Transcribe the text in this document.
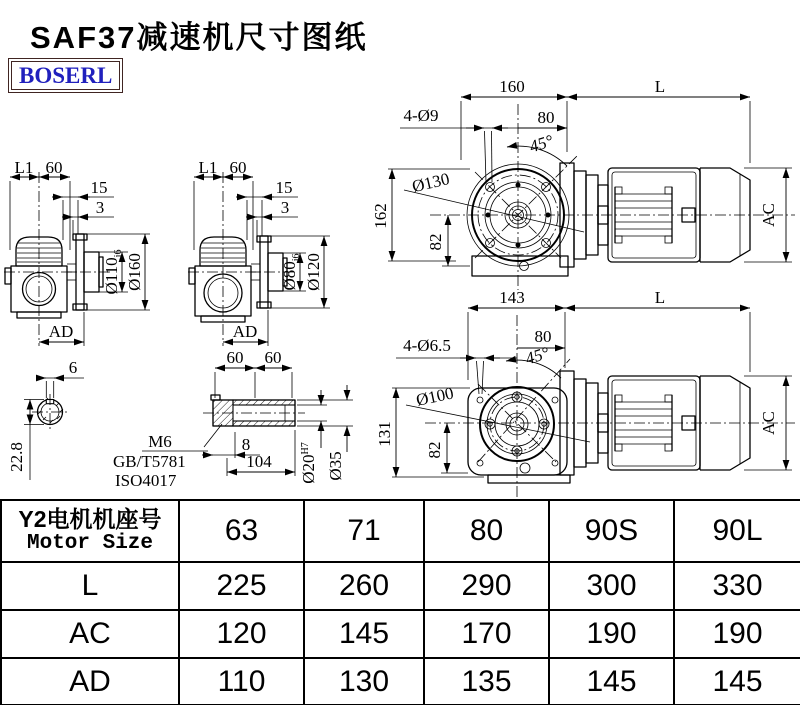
SAF37减速机尺寸图纸
BOSERL
L1 60
15
3
$Ø110_{j6}$ Ø160
AD
L1 60
15
3
$Ø80_{j6}$ Ø120
AD
160	L
4-Ø9	80
45°
Ø130
162
82
AC
143	L
80
4-Ø6.5	45°
Ø100
131
82
AC
6
22.8
60 60
M6
GB/T5781
ISO4017
8
104 $Ø20^{H7}$
Ø35
Y2电机机座号
Motor Size	63	71	80	90S	90L
L	225	260	290	300	330
AC	120	145	170	190	190
AD	110	130	135	145	145
